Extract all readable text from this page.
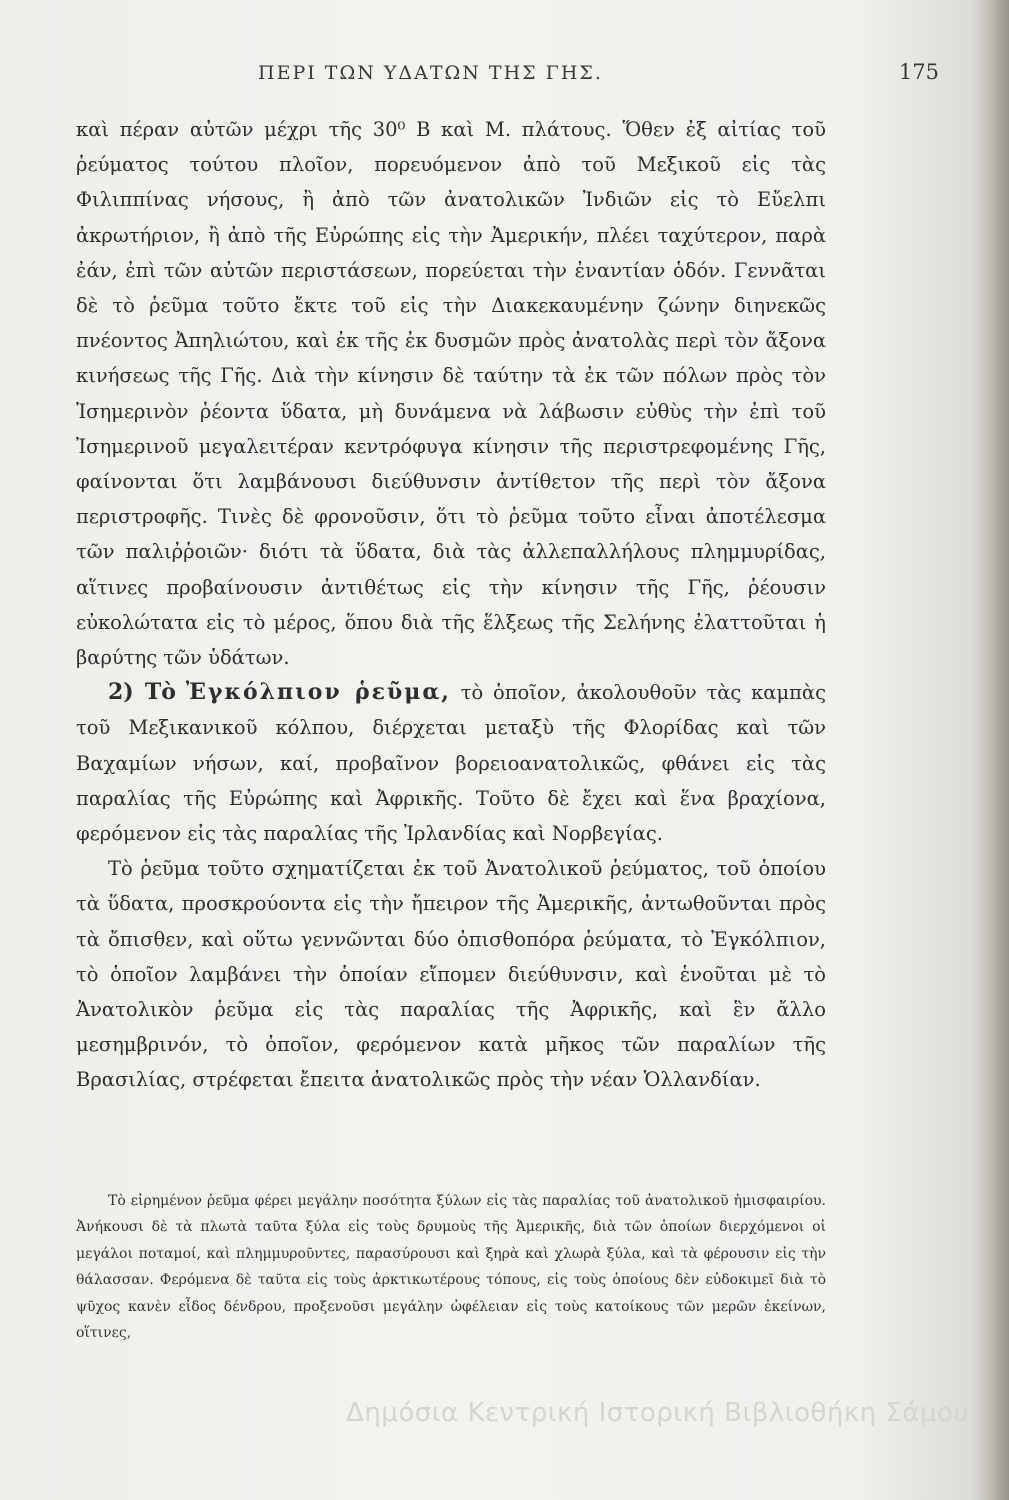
ΠΕΡΙ ΤΩΝ ΥΔΑΤΩΝ ΤΗΣ ΓΗΣ.	175

καὶ πέραν αὐτῶν μέχρι τῆς 30⁰ Β καὶ Μ. πλάτους. Ὅθεν ἐξ αἰτίας τοῦ ῥεύματος τούτου πλοῖον, πορευόμενον ἀπὸ τοῦ Μεξικοῦ εἰς τὰς Φιλιππίνας νήσους, ἢ ἀπὸ τῶν ἀνατολικῶν Ἰνδιῶν εἰς τὸ Εὔελπι ἀκρωτήριον, ἢ ἀπὸ τῆς Εὐρώπης εἰς τὴν Ἀμερικήν, πλέει ταχύτερον, παρὰ ἐάν, ἐπὶ τῶν αὐτῶν περιστάσεων, πορεύεται τὴν ἐναντίαν ὁδόν. Γεννᾶται δὲ τὸ ῥεῦμα τοῦτο ἔκτε τοῦ εἰς τὴν Διακεκαυμένην ζώνην διηνεκῶς πνέοντος Ἀπηλιώτου, καὶ ἐκ τῆς ἐκ δυσμῶν πρὸς ἀνατολὰς περὶ τὸν ἄξονα κινήσεως τῆς Γῆς. Διὰ τὴν κίνησιν δὲ ταύτην τὰ ἐκ τῶν πόλων πρὸς τὸν Ἰσημερινὸν ῥέοντα ὕδατα, μὴ δυνάμενα νὰ λάβωσιν εὐθὺς τὴν ἐπὶ τοῦ Ἰσημερινοῦ μεγαλειτέραν κεντρόφυγα κίνησιν τῆς περιστρεφομένης Γῆς, φαίνονται ὅτι λαμβάνουσι διεύθυνσιν ἀντίθετον τῆς περὶ τὸν ἄξονα περιστροφῆς. Τινὲς δὲ φρονοῦσιν, ὅτι τὸ ῥεῦμα τοῦτο εἶναι ἀποτέλεσμα τῶν παλιῤῥοιῶν· διότι τὰ ὕδατα, διὰ τὰς ἀλλεπαλλήλους πλημμυρίδας, αἵτινες προβαίνουσιν ἀντιθέτως εἰς τὴν κίνησιν τῆς Γῆς, ῥέουσιν εὐκολώτατα εἰς τὸ μέρος, ὅπου διὰ τῆς ἕλξεως τῆς Σελήνης ἐλαττοῦται ἡ βαρύτης τῶν ὑδάτων.

2) Τὸ Ἐγκόλπιον ῥεῦμα, τὸ ὁποῖον, ἀκολουθοῦν τὰς καμπὰς τοῦ Μεξικανικοῦ κόλπου, διέρχεται μεταξὺ τῆς Φλορίδας καὶ τῶν Βαχαμίων νήσων, καί, προβαῖνον βορειοανατολικῶς, φθάνει εἰς τὰς παραλίας τῆς Εὐρώπης καὶ Ἀφρικῆς. Τοῦτο δὲ ἔχει καὶ ἕνα βραχίονα, φερόμενον εἰς τὰς παραλίας τῆς Ἰρλανδίας καὶ Νορβεγίας.

Τὸ ῥεῦμα τοῦτο σχηματίζεται ἐκ τοῦ Ἀνατολικοῦ ῥεύματος, τοῦ ὁποίου τὰ ὕδατα, προσκρούοντα εἰς τὴν ἤπειρον τῆς Ἀμερικῆς, ἀντωθοῦνται πρὸς τὰ ὄπισθεν, καὶ οὕτω γεννῶνται δύο ὀπισθοπόρα ῥεύματα, τὸ Ἐγκόλπιον, τὸ ὁποῖον λαμβάνει τὴν ὁποίαν εἴπομεν διεύθυνσιν, καὶ ἑνοῦται μὲ τὸ Ἀνατολικὸν ῥεῦμα εἰς τὰς παραλίας τῆς Ἀφρικῆς, καὶ ἓν ἄλλο μεσημβρινόν, τὸ ὁποῖον, φερόμενον κατὰ μῆκος τῶν παραλίων τῆς Βρασιλίας, στρέφεται ἔπειτα ἀνατολικῶς πρὸς τὴν νέαν Ὁλλανδίαν.

Τὸ εἰρημένον ῥεῦμα φέρει μεγάλην ποσότητα ξύλων εἰς τὰς παραλίας τοῦ ἀνατολικοῦ ἡμισφαιρίου. Ἀνήκουσι δὲ τὰ πλωτὰ ταῦτα ξύλα εἰς τοὺς δρυμοὺς τῆς Ἀμερικῆς, διὰ τῶν ὁποίων διερχόμενοι οἱ μεγάλοι ποταμοί, καὶ πλημμυροῦντες, παρασύρουσι καὶ ξηρὰ καὶ χλωρὰ ξύλα, καὶ τὰ φέρουσιν εἰς τὴν θάλασσαν. Φερόμενα δὲ ταῦτα εἰς τοὺς ἀρκτικωτέρους τόπους, εἰς τοὺς ὁποίους δὲν εὐδοκιμεῖ διὰ τὸ ψῦχος κανὲν εἶδος δένδρου, προξενοῦσι μεγάλην ὠφέλειαν εἰς τοὺς κατοίκους τῶν μερῶν ἐκείνων, οἵτινες,

Δημόσια Κεντρική Ιστορική Βιβλιοθήκη Σάμου
